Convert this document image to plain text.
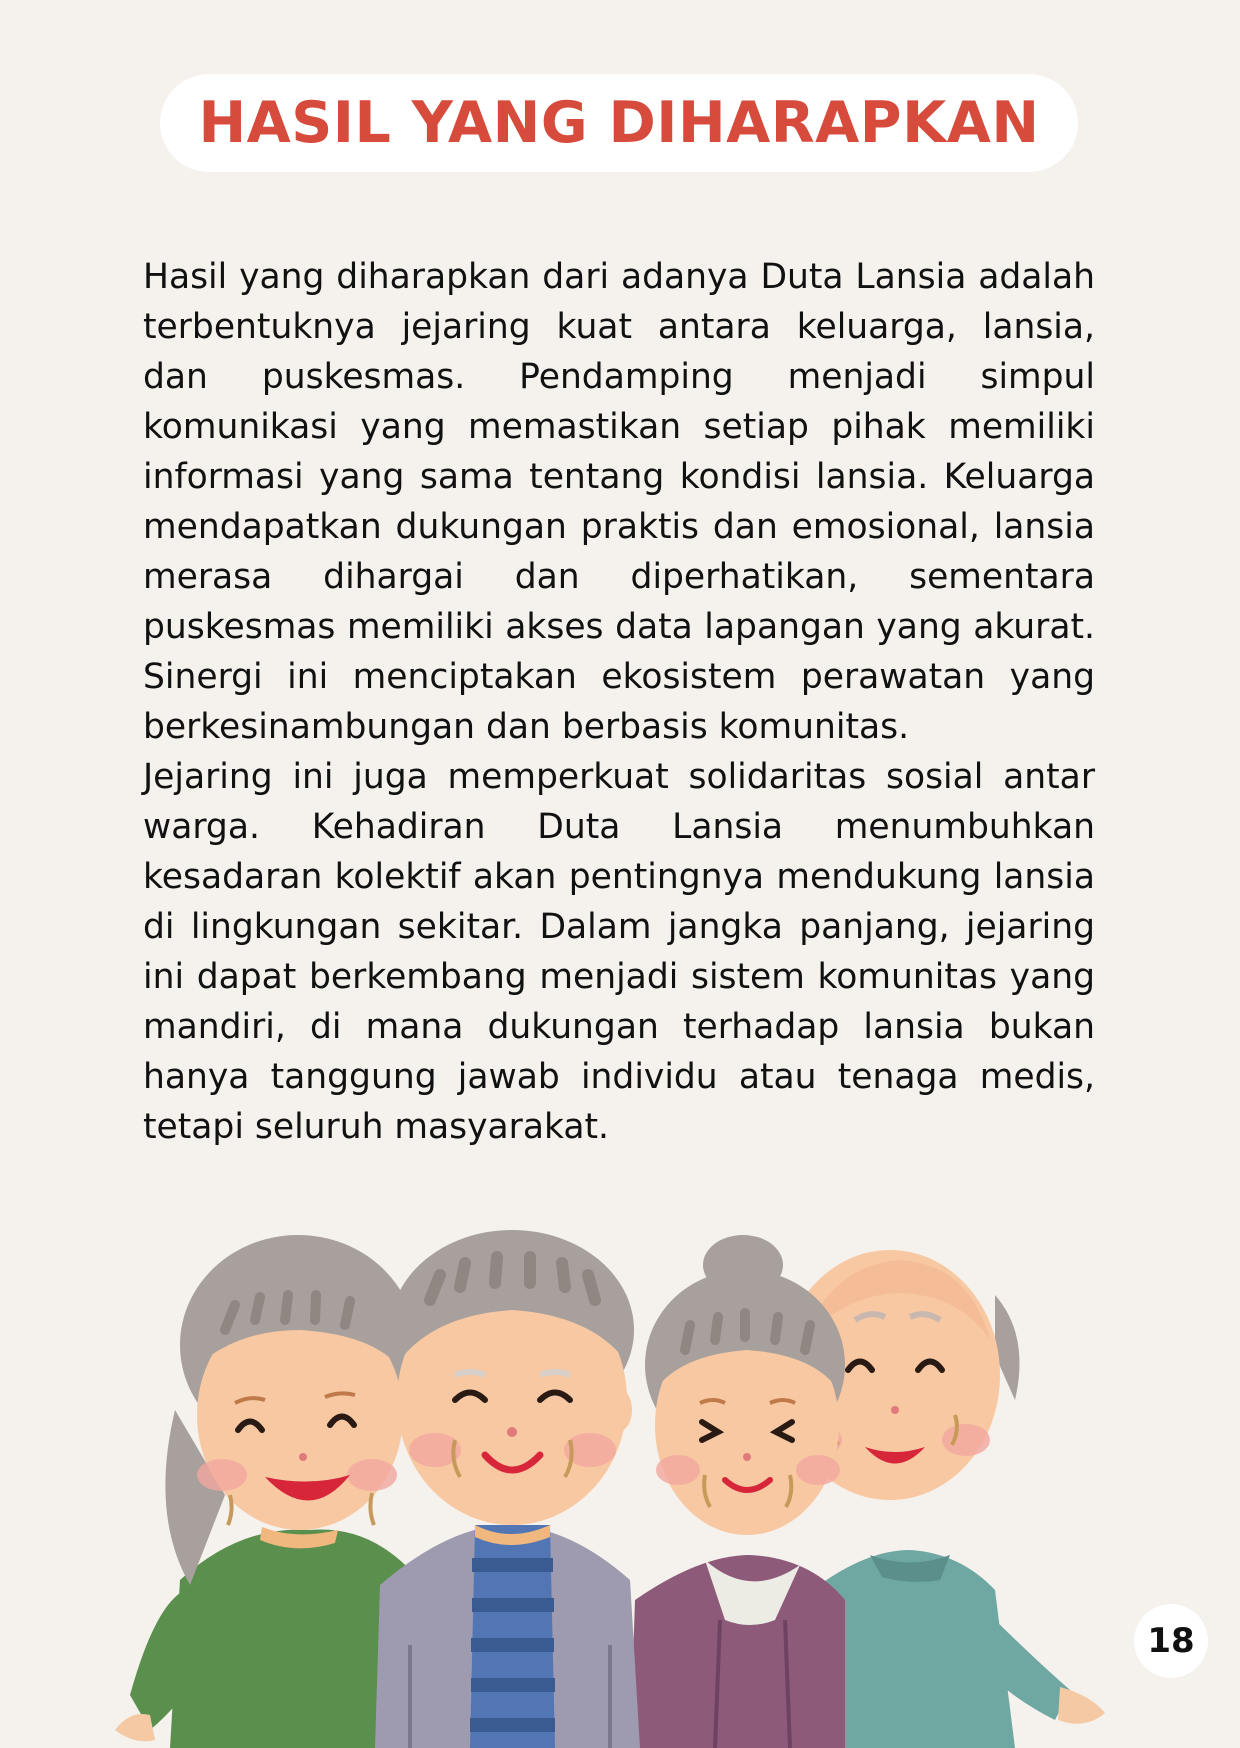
HASIL YANG DIHARAPKAN

Hasil yang diharapkan dari adanya Duta Lansia adalah terbentuknya jejaring kuat antara keluarga, lansia, dan puskesmas. Pendamping menjadi simpul komunikasi yang memastikan setiap pihak memiliki informasi yang sama tentang kondisi lansia. Keluarga mendapatkan dukungan praktis dan emosional, lansia merasa dihargai dan diperhatikan, sementara puskesmas memiliki akses data lapangan yang akurat. Sinergi ini menciptakan ekosistem perawatan yang berkesinambungan dan berbasis komunitas.

Jejaring ini juga memperkuat solidaritas sosial antar warga. Kehadiran Duta Lansia menumbuhkan kesadaran kolektif akan pentingnya mendukung lansia di lingkungan sekitar. Dalam jangka panjang, jejaring ini dapat berkembang menjadi sistem komunitas yang mandiri, di mana dukungan terhadap lansia bukan hanya tanggung jawab individu atau tenaga medis, tetapi seluruh masyarakat.

18
